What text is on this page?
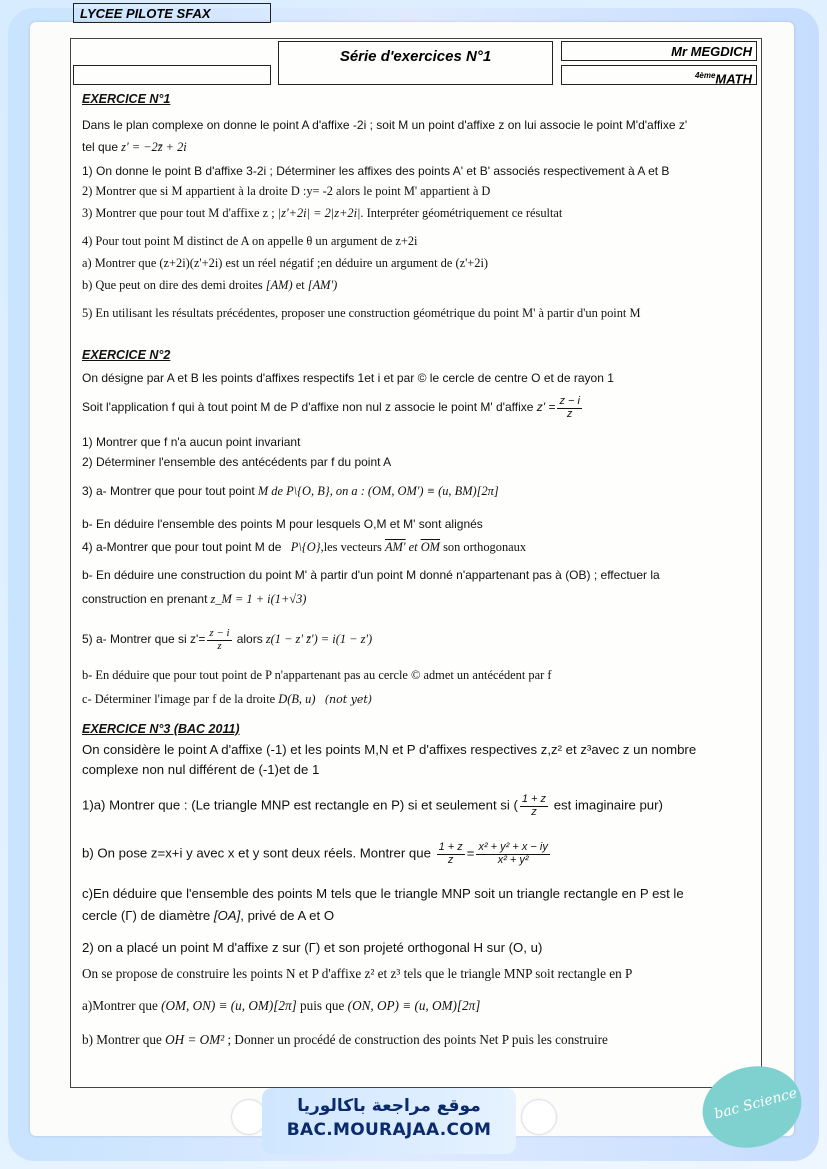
LYCEE PILOTE SFAX
Série d'exercices N°1	Mr MEGDICH
$^{4ème}$MATH
EXERCICE N°1
Dans le plan complexe on donne le point A d'affixe -2i ; soit M un point d'affixe z on lui associe le point M'd'affixe z'
tel que z' = −2z̄ + 2i
1) On donne le point B d'affixe 3-2i ; Déterminer les affixes des points A' et B' associés respectivement à A et B
2) Montrer que si M appartient à la droite D :y= -2 alors le point M' appartient à D
3) Montrer que pour tout M d'affixe z ; |z'+2i| = 2|z+2i|. Interpréter géométriquement ce résultat
4) Pour tout point M distinct de A on appelle θ un argument de z+2i
a) Montrer que (z+2i)(z'+2i) est un réel négatif ;en déduire un argument de (z'+2i)
b) Que peut on dire des demi droites [AM) et [AM')
5) En utilisant les résultats précédentes, proposer une construction géométrique du point M' à partir d'un point M
EXERCICE N°2
On désigne par A et B les points d'affixes respectifs 1et i et par © le cercle de centre O et de rayon 1
Soit l'application f qui à tout point M de P d'affixe non nul z associe le point M' d'affixe $z' = \frac{z - i}{z}$
1) Montrer que f n'a aucun point invariant
2) Déterminer l'ensemble des antécédents par f du point A
3) a- Montrer que pour tout point M de P\{O, B}, on a : (OM, OM') ≡ (u, BM)[2π]
b- En déduire l'ensemble des points M pour lesquels O,M et M' sont alignés
4) a-Montrer que pour tout point M de P\{O},les vecteurs AM' et $\overline{OM}$ son orthogonaux
b- En déduire une construction du point M' à partir d'un point M donné n'appartenant pas à (OB) ; effectuer la
construction en prenant z_M = 1 + i(1+√3)
5) a- Montrer que si $z'= \frac{z - i}{z}$ alors z(1 − z' z̄') = i(1 − z')
b- En déduire que pour tout point de P n'appartenant pas au cercle © admet un antécédent par f
c- Déterminer l'image par f de la droite D(B, u) (not yet)
EXERCICE N°3 (BAC 2011)
On considère le point A d'affixe (-1) et les points M,N et P d'affixes respectives z,z² et z³avec z un nombre
complexe non nul différent de (-1)et de 1
1)a) Montrer que : (Le triangle MNP est rectangle en P) si et seulement si ( $\frac{1 + z}{z}$ est imaginaire pur)
b) On pose z=x+i y avec x et y sont deux réels. Montrer que $\frac{1 + z}{z} = \frac{\text{x² + y² + x − iy}}{\text{x² + y²}}$
c)En déduire que l'ensemble des points M tels que le triangle MNP soit un triangle rectangle en P est le
cercle (Γ) de diamètre [OA], privé de A et O
2) on a placé un point M d'affixe z sur (Γ) et son projeté orthogonal H sur (O, u)
On se propose de construire les points N et P d'affixe z² et z³ tels que le triangle MNP soit rectangle en P
a)Montrer que (OM, ON) ≡ (u, OM)[2π] puis que (ON, OP) ≡ (u, OM)[2π]
b) Montrer que OH = OM² ; Donner un procédé de construction des points Net P puis les construire
موقع مراجعة باكالوريا
BAC.MOURAJAA.COM
bac Science
